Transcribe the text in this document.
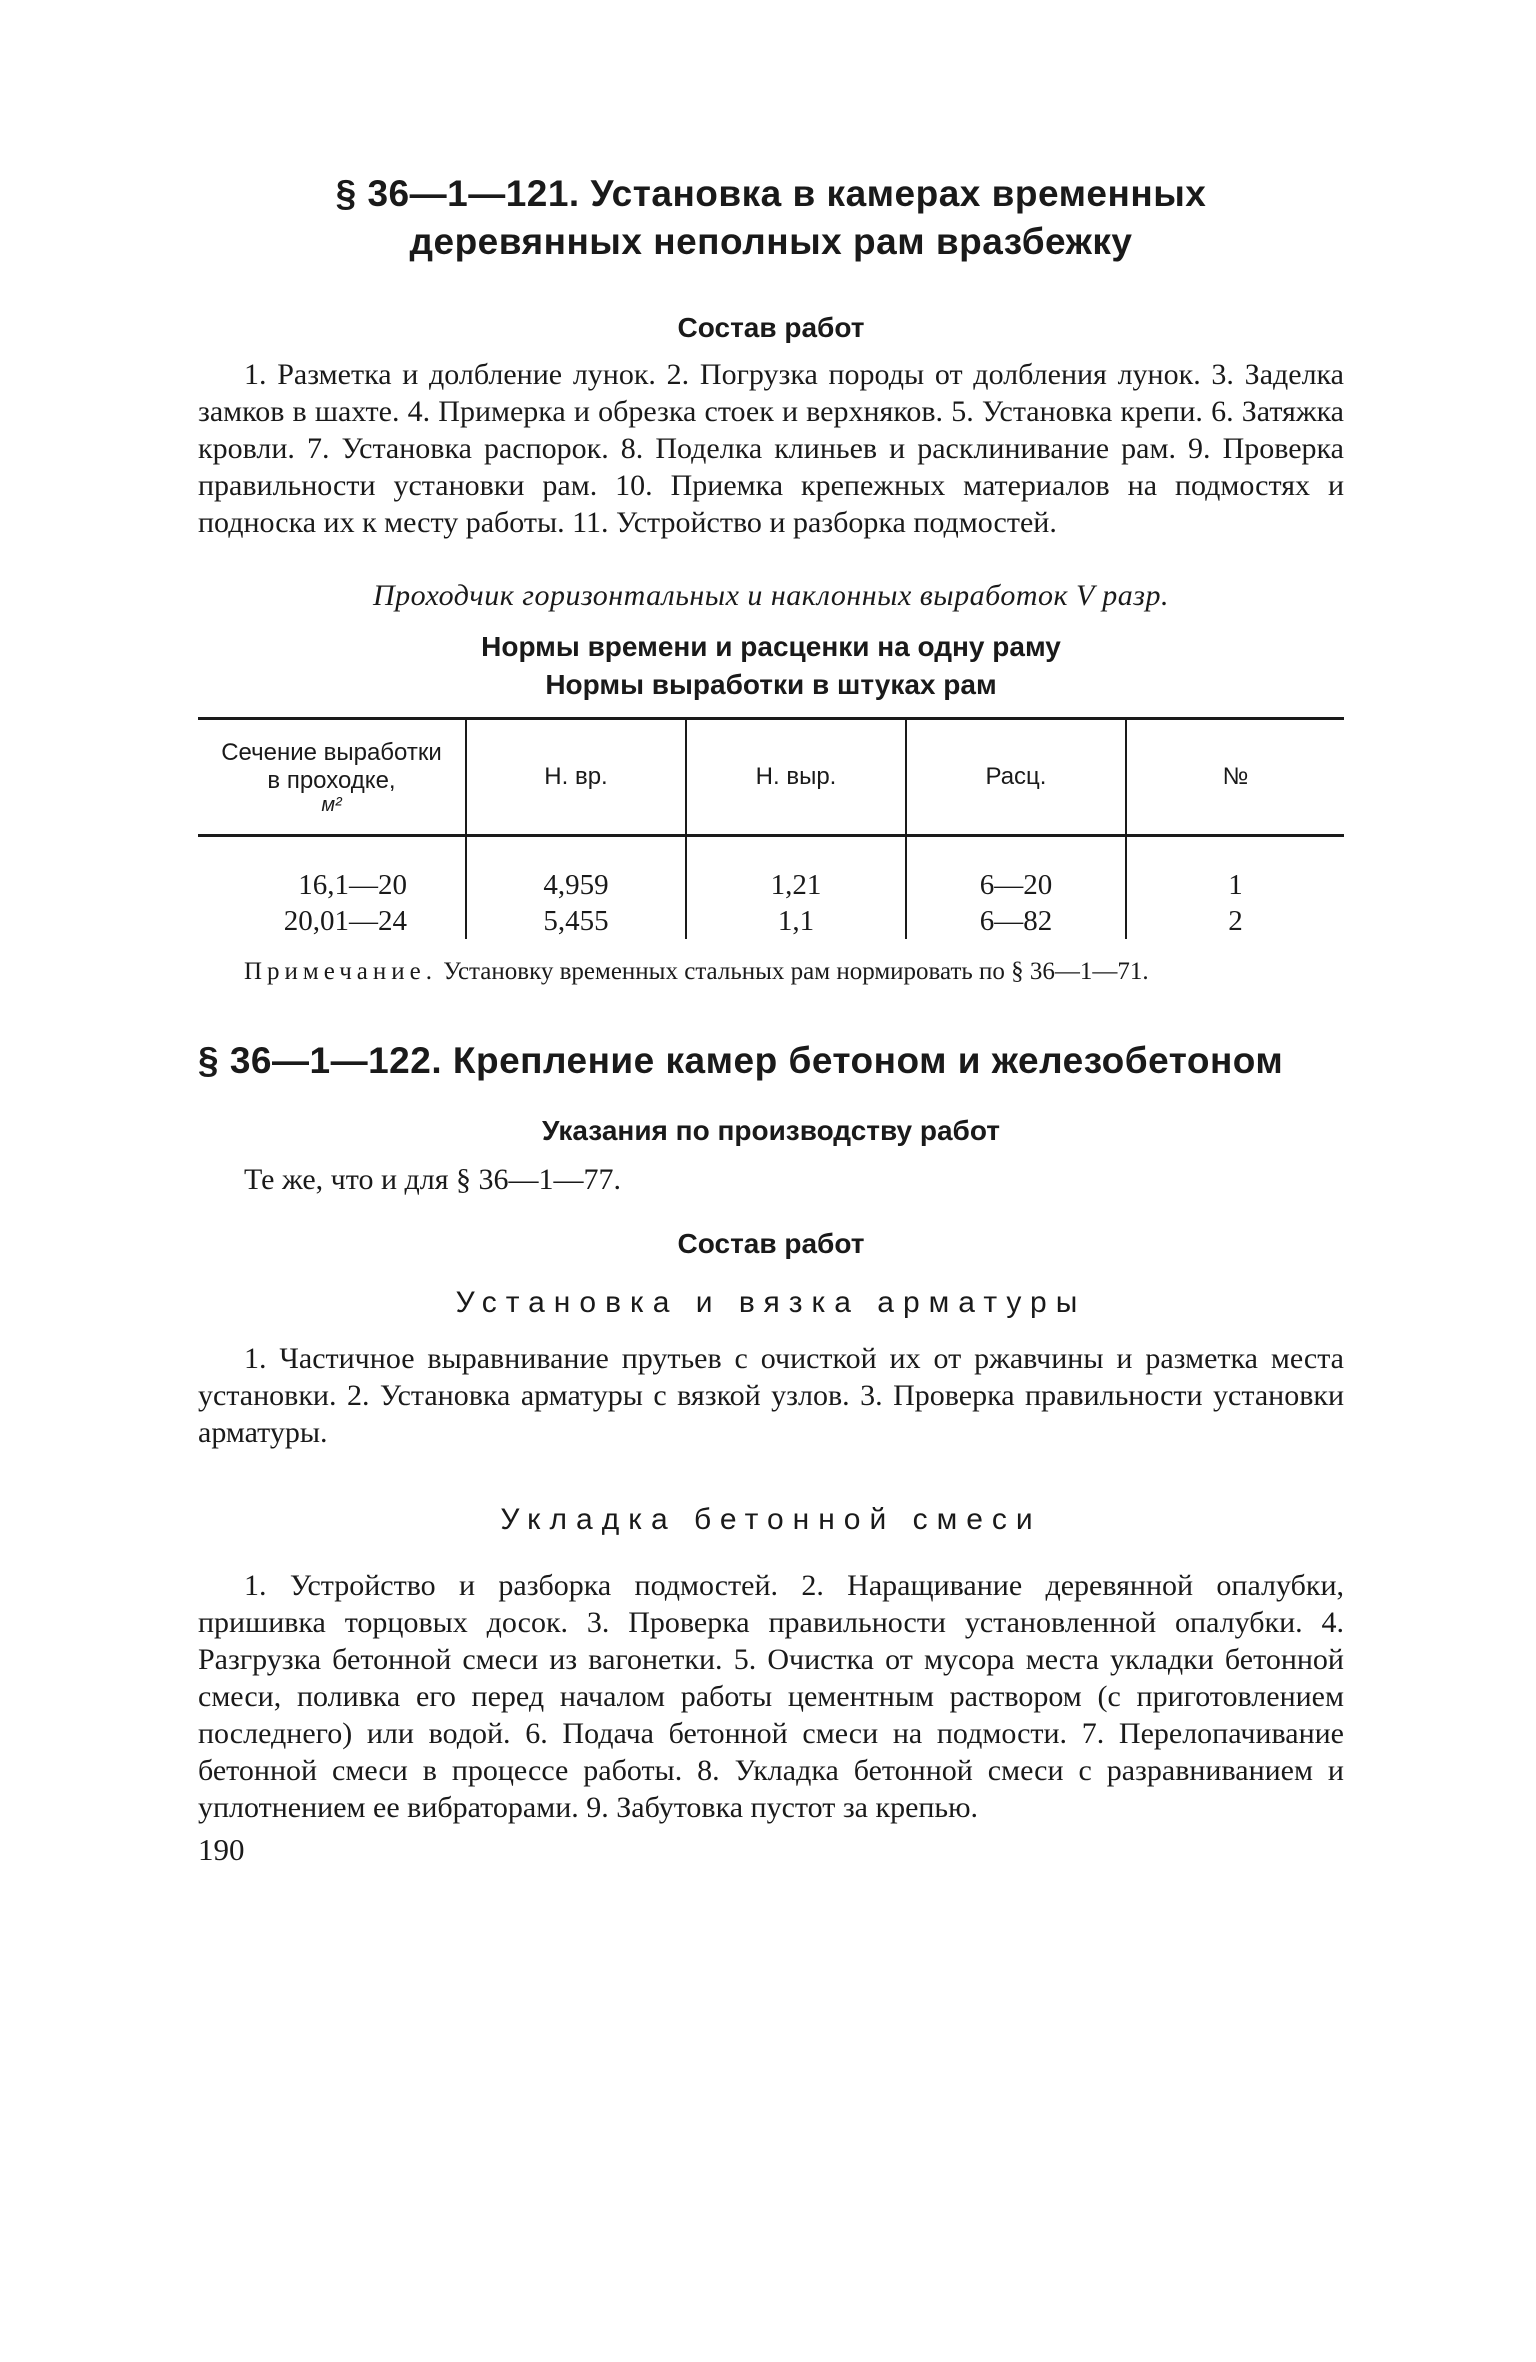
§ 36—1—121. Установка в камерах временных
деревянных неполных рам вразбежку
Состав работ

1. Разметка и долбление лунок. 2. Погрузка породы от долбления лунок. 3. Заделка замков в шахте. 4. Примерка и обрезка стоек и верхняков. 5. Установка крепи. 6. Затяжка кровли. 7. Установка распорок. 8. Поделка клиньев и расклинивание рам. 9. Проверка правильности установки рам. 10. Приемка крепежных материалов на подмостях и подноска их к месту работы. 11. Устройство и разборка подмостей.

Проходчик горизонтальных и наклонных выработок V разр.

Нормы времени и расценки на одну раму
Нормы выработки в штуках рам
Сечение выработки
в проходке,
м²	Н. вр.	Н. выр.	Расц.	№
16,1—20	4,959	1,21	6—20	1
20,01—24	5,455	1,1	6—82	2

Примечание. Установку временных стальных рам нормировать по § 36—1—71.

§ 36—1—122. Крепление камер бетоном и железобетоном
Указания по производству работ

Те же, что и для § 36—1—77.

Состав работ

Установка и вязка арматуры

1. Частичное выравнивание прутьев с очисткой их от ржавчины и разметка места установки. 2. Установка арматуры с вязкой узлов. 3. Проверка правильности установки арматуры.

Укладка бетонной смеси

1. Устройство и разборка подмостей. 2. Наращивание деревянной опалубки, пришивка торцовых досок. 3. Проверка правильности установленной опалубки. 4. Разгрузка бетонной смеси из вагонетки. 5. Очистка от мусора места укладки бетонной смеси, поливка его перед началом работы цементным раствором (с приготовлением последнего) или водой. 6. Подача бетонной смеси на подмости. 7. Перелопачивание бетонной смеси в процессе работы. 8. Укладка бетонной смеси с разравниванием и уплотнением ее вибраторами. 9. Забутовка пустот за крепью.

190
